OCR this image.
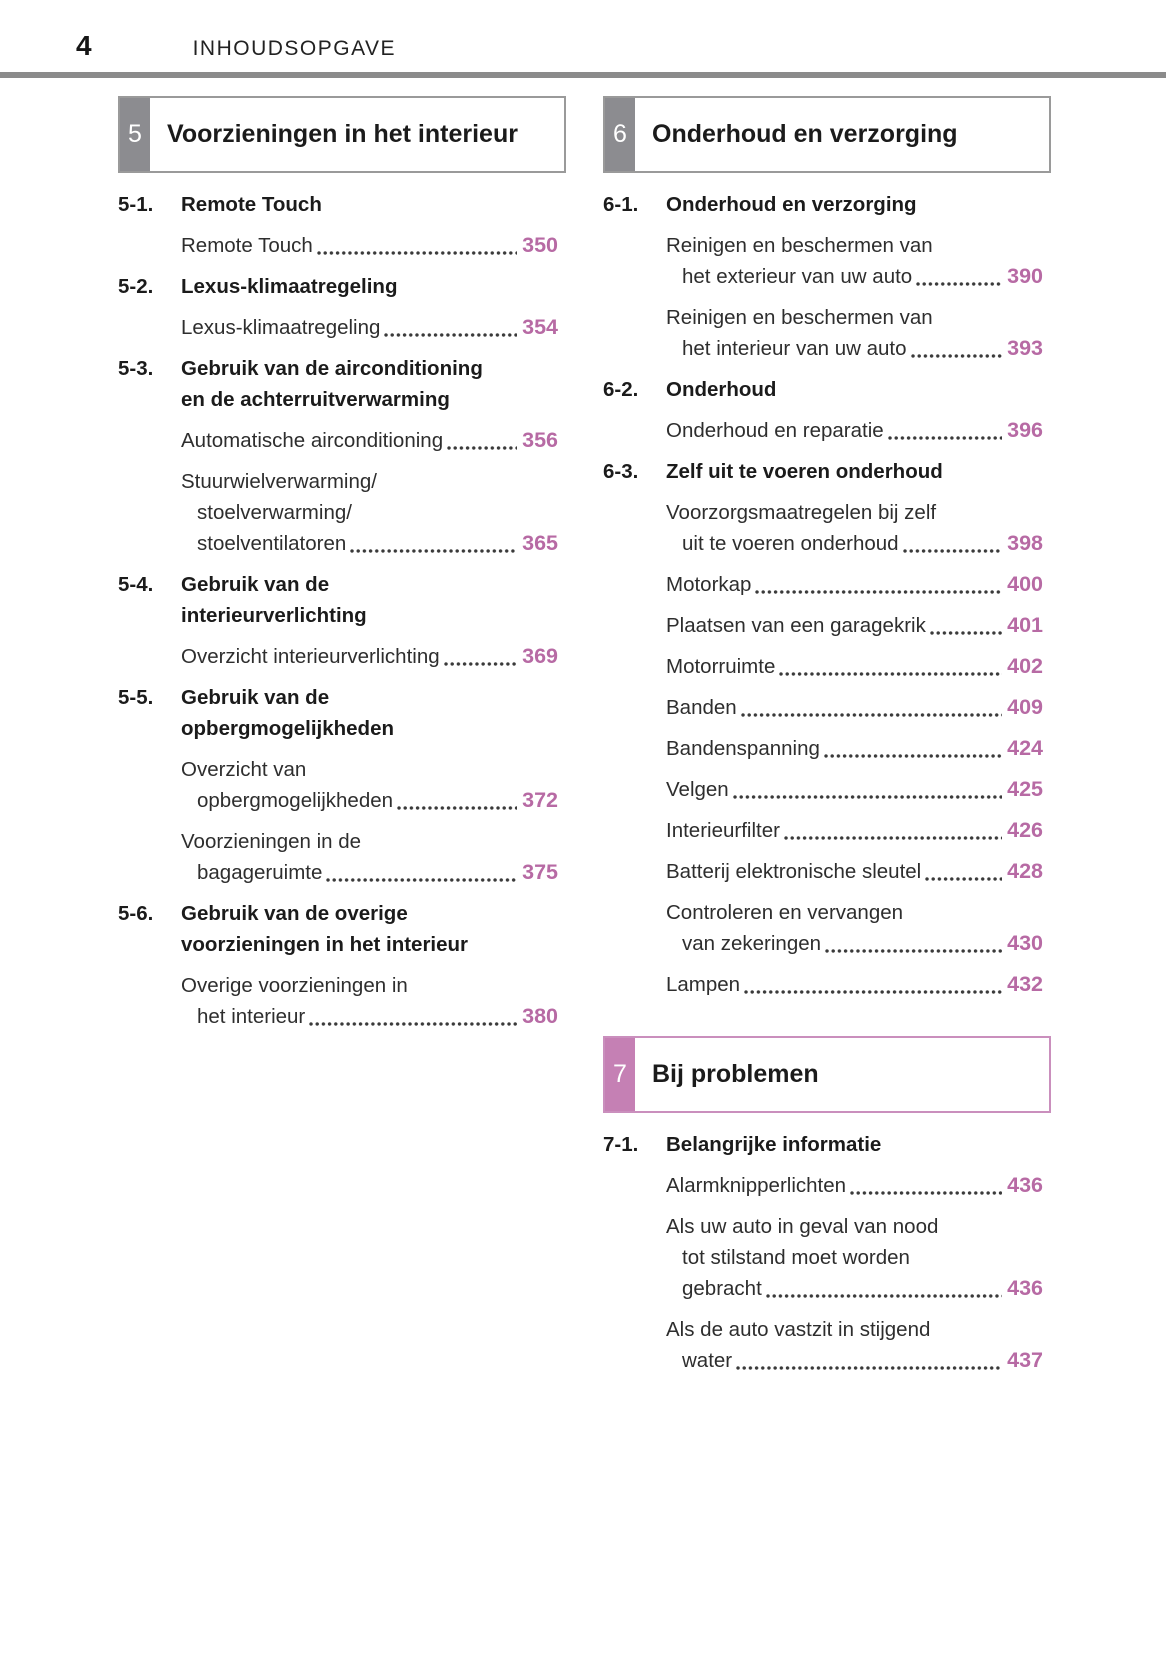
4	INHOUDSOPGAVE
5	Voorzieningen in het interieur
5-1.	Remote Touch
Remote Touch	350
5-2.	Lexus-klimaatregeling
Lexus-klimaatregeling	354
5-3.	Gebruik van de airconditioning
en de achterruitverwarming
Automatische airconditioning	356
Stuurwielverwarming/
stoelverwarming/
stoelventilatoren	365
5-4.	Gebruik van de
interieurverlichting
Overzicht interieurverlichting	369
5-5.	Gebruik van de
opbergmogelijkheden
Overzicht van
opbergmogelijkheden	372
Voorzieningen in de
bagageruimte	375
5-6.	Gebruik van de overige
voorzieningen in het interieur
Overige voorzieningen in
het interieur	380
6	Onderhoud en verzorging
6-1.	Onderhoud en verzorging
Reinigen en beschermen van
het exterieur van uw auto	390
Reinigen en beschermen van
het interieur van uw auto	393
6-2.	Onderhoud
Onderhoud en reparatie	396
6-3.	Zelf uit te voeren onderhoud
Voorzorgsmaatregelen bij zelf
uit te voeren onderhoud	398
Motorkap	400
Plaatsen van een garagekrik	401
Motorruimte	402
Banden	409
Bandenspanning	424
Velgen	425
Interieurfilter	426
Batterij elektronische sleutel	428
Controleren en vervangen
van zekeringen	430
Lampen	432
7	Bij problemen
7-1.	Belangrijke informatie
Alarmknipperlichten	436
Als uw auto in geval van nood
tot stilstand moet worden
gebracht	436
Als de auto vastzit in stijgend
water	437
